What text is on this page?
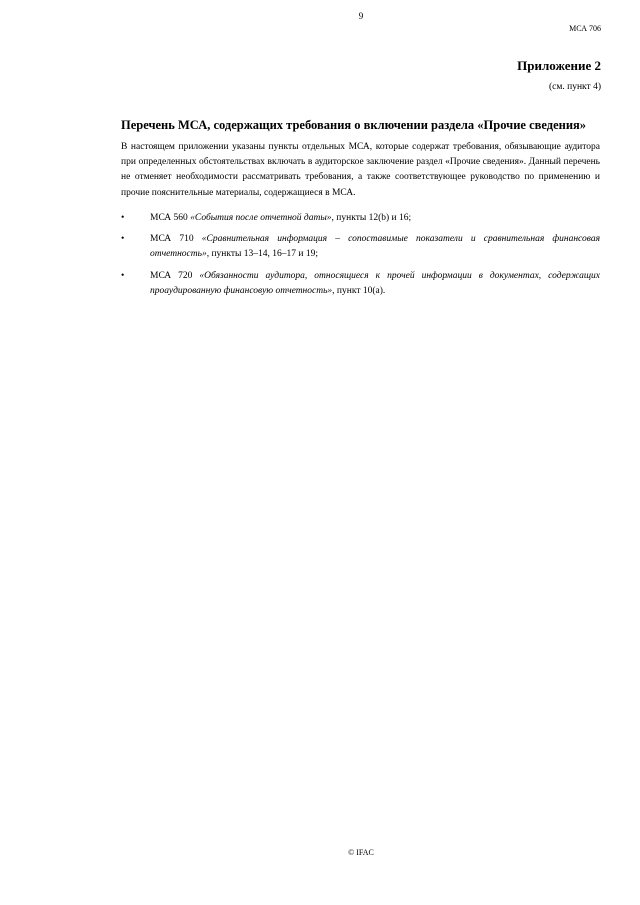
9
МСА 706
Приложение 2
(см. пункт 4)
Перечень МСА, содержащих требования о включении раздела «Прочие сведения»

В настоящем приложении указаны пункты отдельных МСА, которые содержат требования, обязывающие аудитора при определенных обстоятельствах включать в аудиторское заключение раздел «Прочие сведения». Данный перечень не отменяет необходимости рассматривать требования, а также соответствующее руководство по применению и прочие пояснительные материалы, содержащиеся в МСА.

•	МСА 560 «События после отчетной даты», пункты 12(b) и 16;
•	МСА 710 «Сравнительная информация – сопоставимые показатели и сравнительная финансовая отчетность», пункты 13–14, 16–17 и 19;
•	МСА 720 «Обязанности аудитора, относящиеся к прочей информации в документах, содержащих проаудированную финансовую отчетность», пункт 10(a).
© IFAC
